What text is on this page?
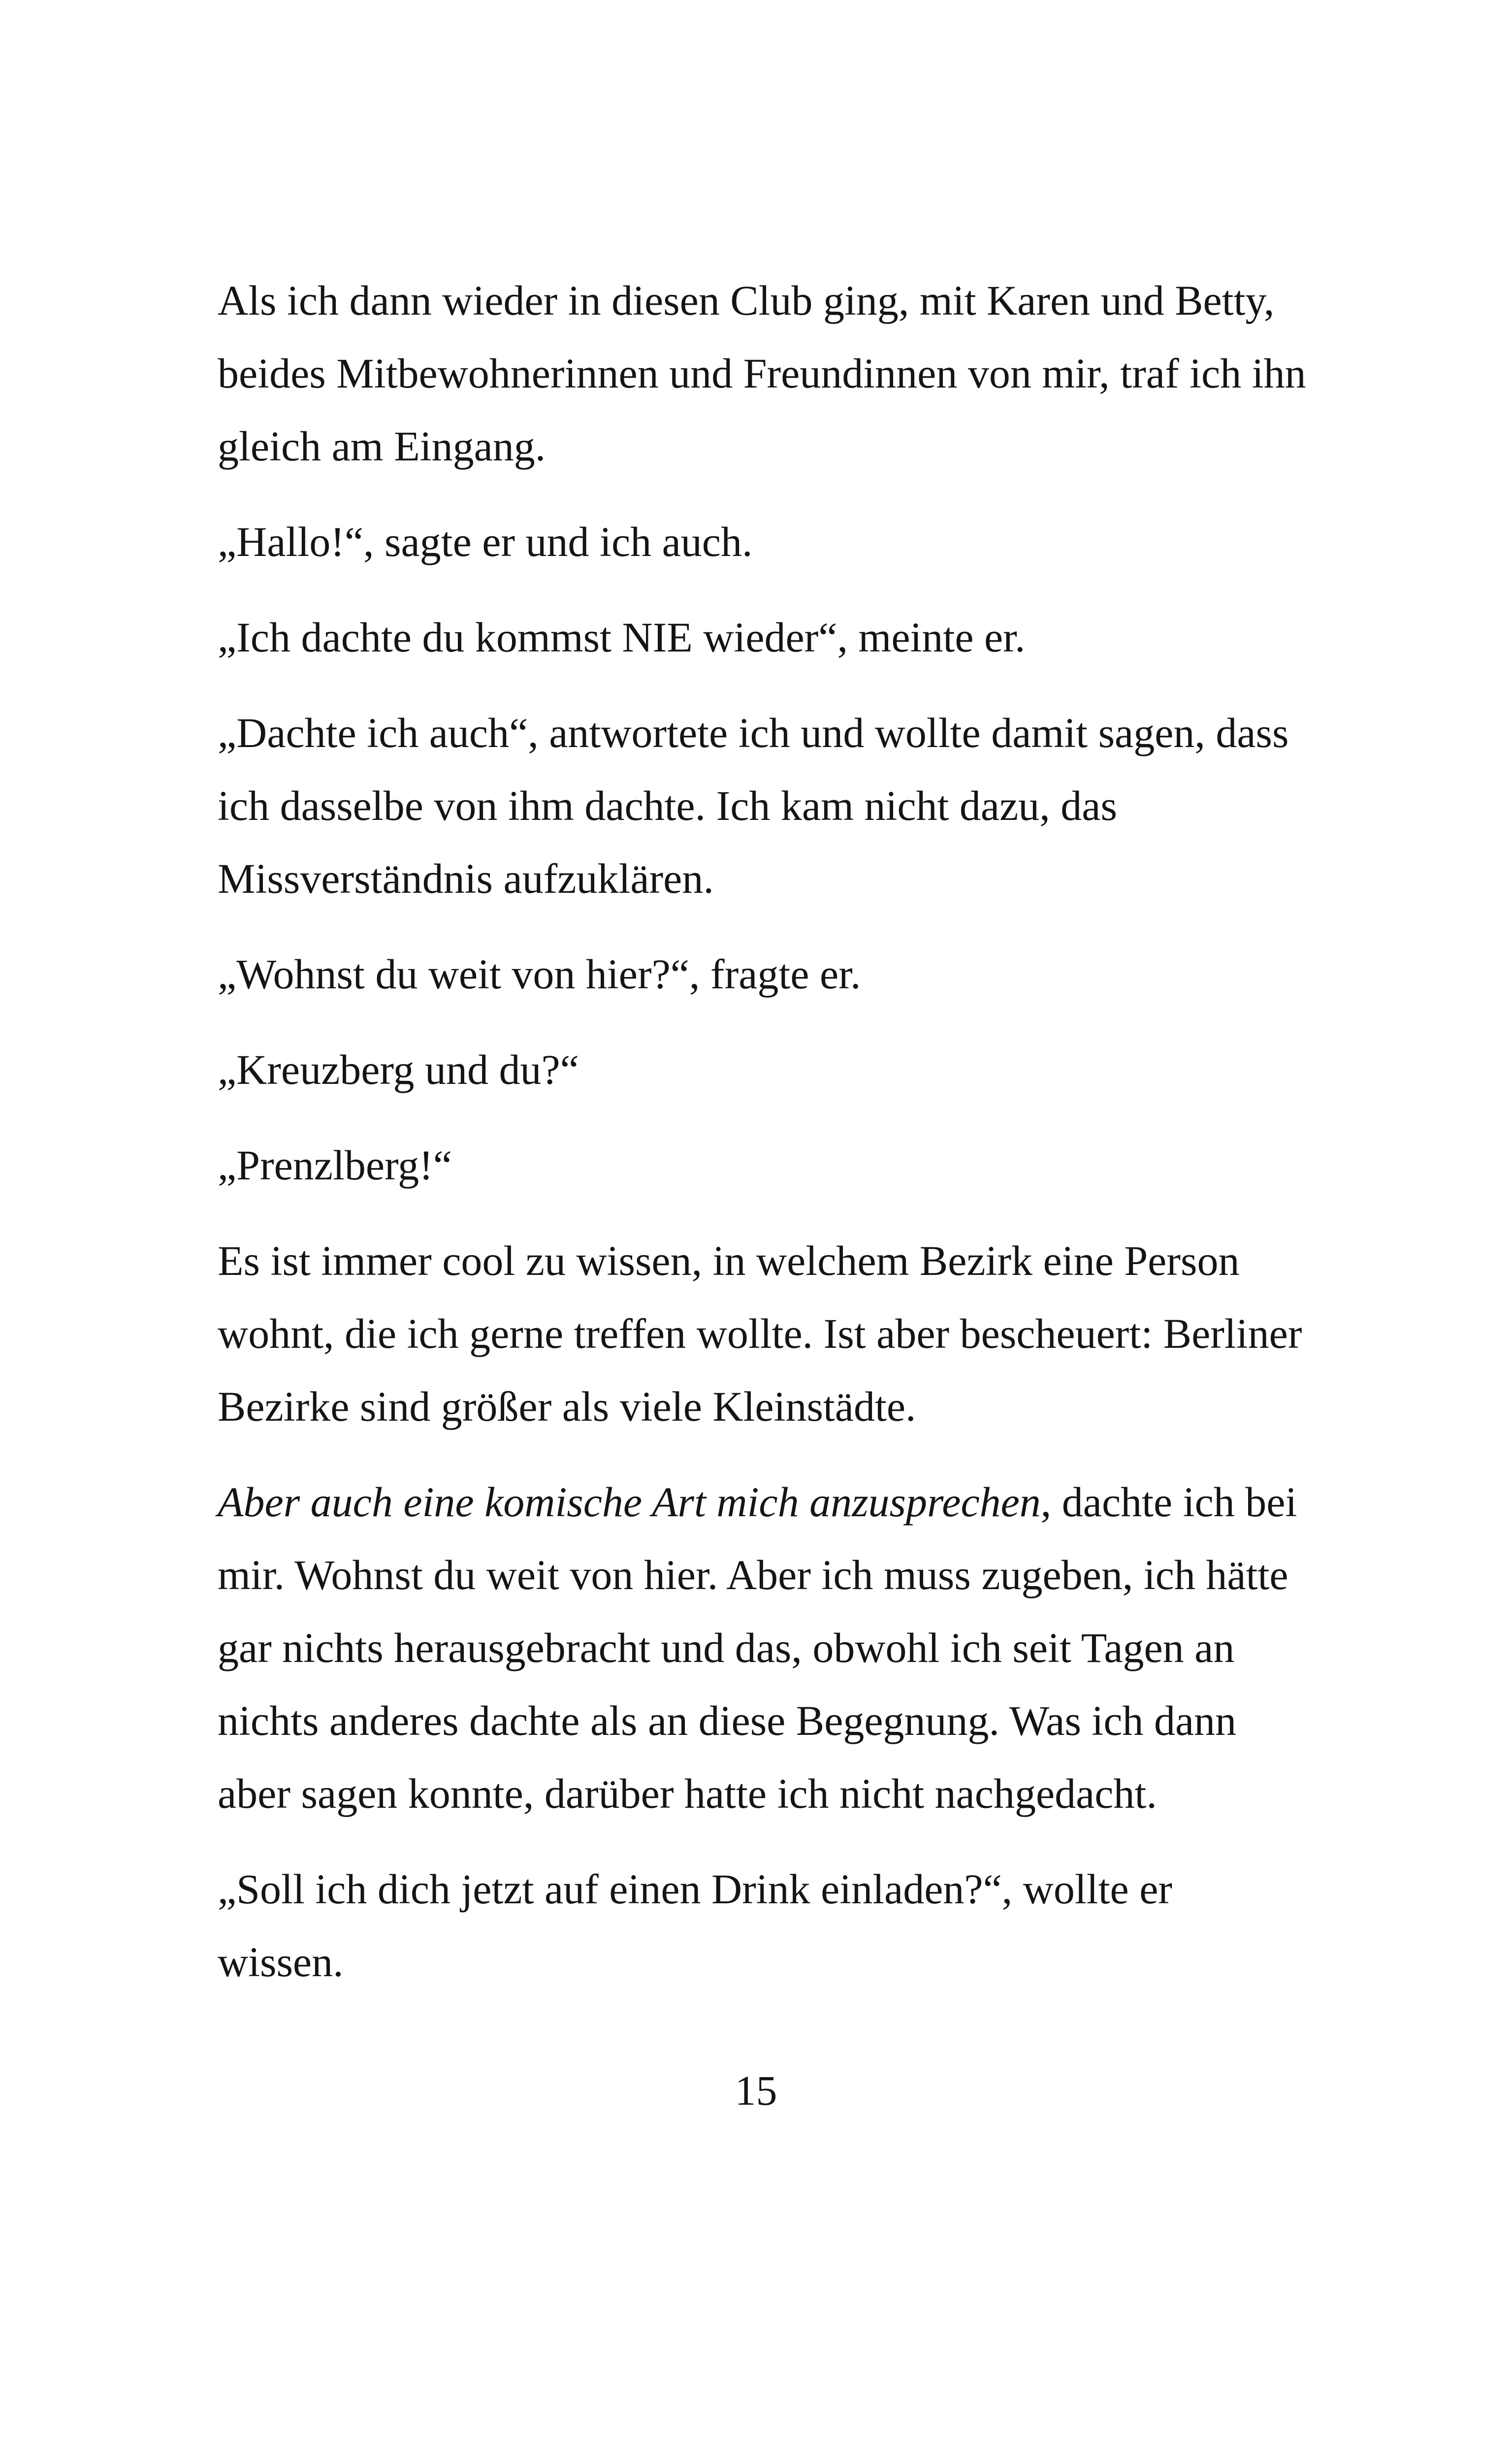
Als ich dann wieder in diesen Club ging, mit Karen und Betty,
beides Mitbewohnerinnen und Freundinnen von mir, traf ich ihn
gleich am Eingang.

„Hallo!“, sagte er und ich auch.

„Ich dachte du kommst NIE wieder“, meinte er.

„Dachte ich auch“, antwortete ich und wollte damit sagen, dass
ich dasselbe von ihm dachte. Ich kam nicht dazu, das
Missverständnis aufzuklären.

„Wohnst du weit von hier?“, fragte er.

„Kreuzberg und du?“

„Prenzlberg!“

Es ist immer cool zu wissen, in welchem Bezirk eine Person
wohnt, die ich gerne treffen wollte. Ist aber bescheuert: Berliner
Bezirke sind größer als viele Kleinstädte.

Aber auch eine komische Art mich anzusprechen, dachte ich bei
mir. Wohnst du weit von hier. Aber ich muss zugeben, ich hätte
gar nichts herausgebracht und das, obwohl ich seit Tagen an
nichts anderes dachte als an diese Begegnung. Was ich dann
aber sagen konnte, darüber hatte ich nicht nachgedacht.

„Soll ich dich jetzt auf einen Drink einladen?“, wollte er
wissen.

15
